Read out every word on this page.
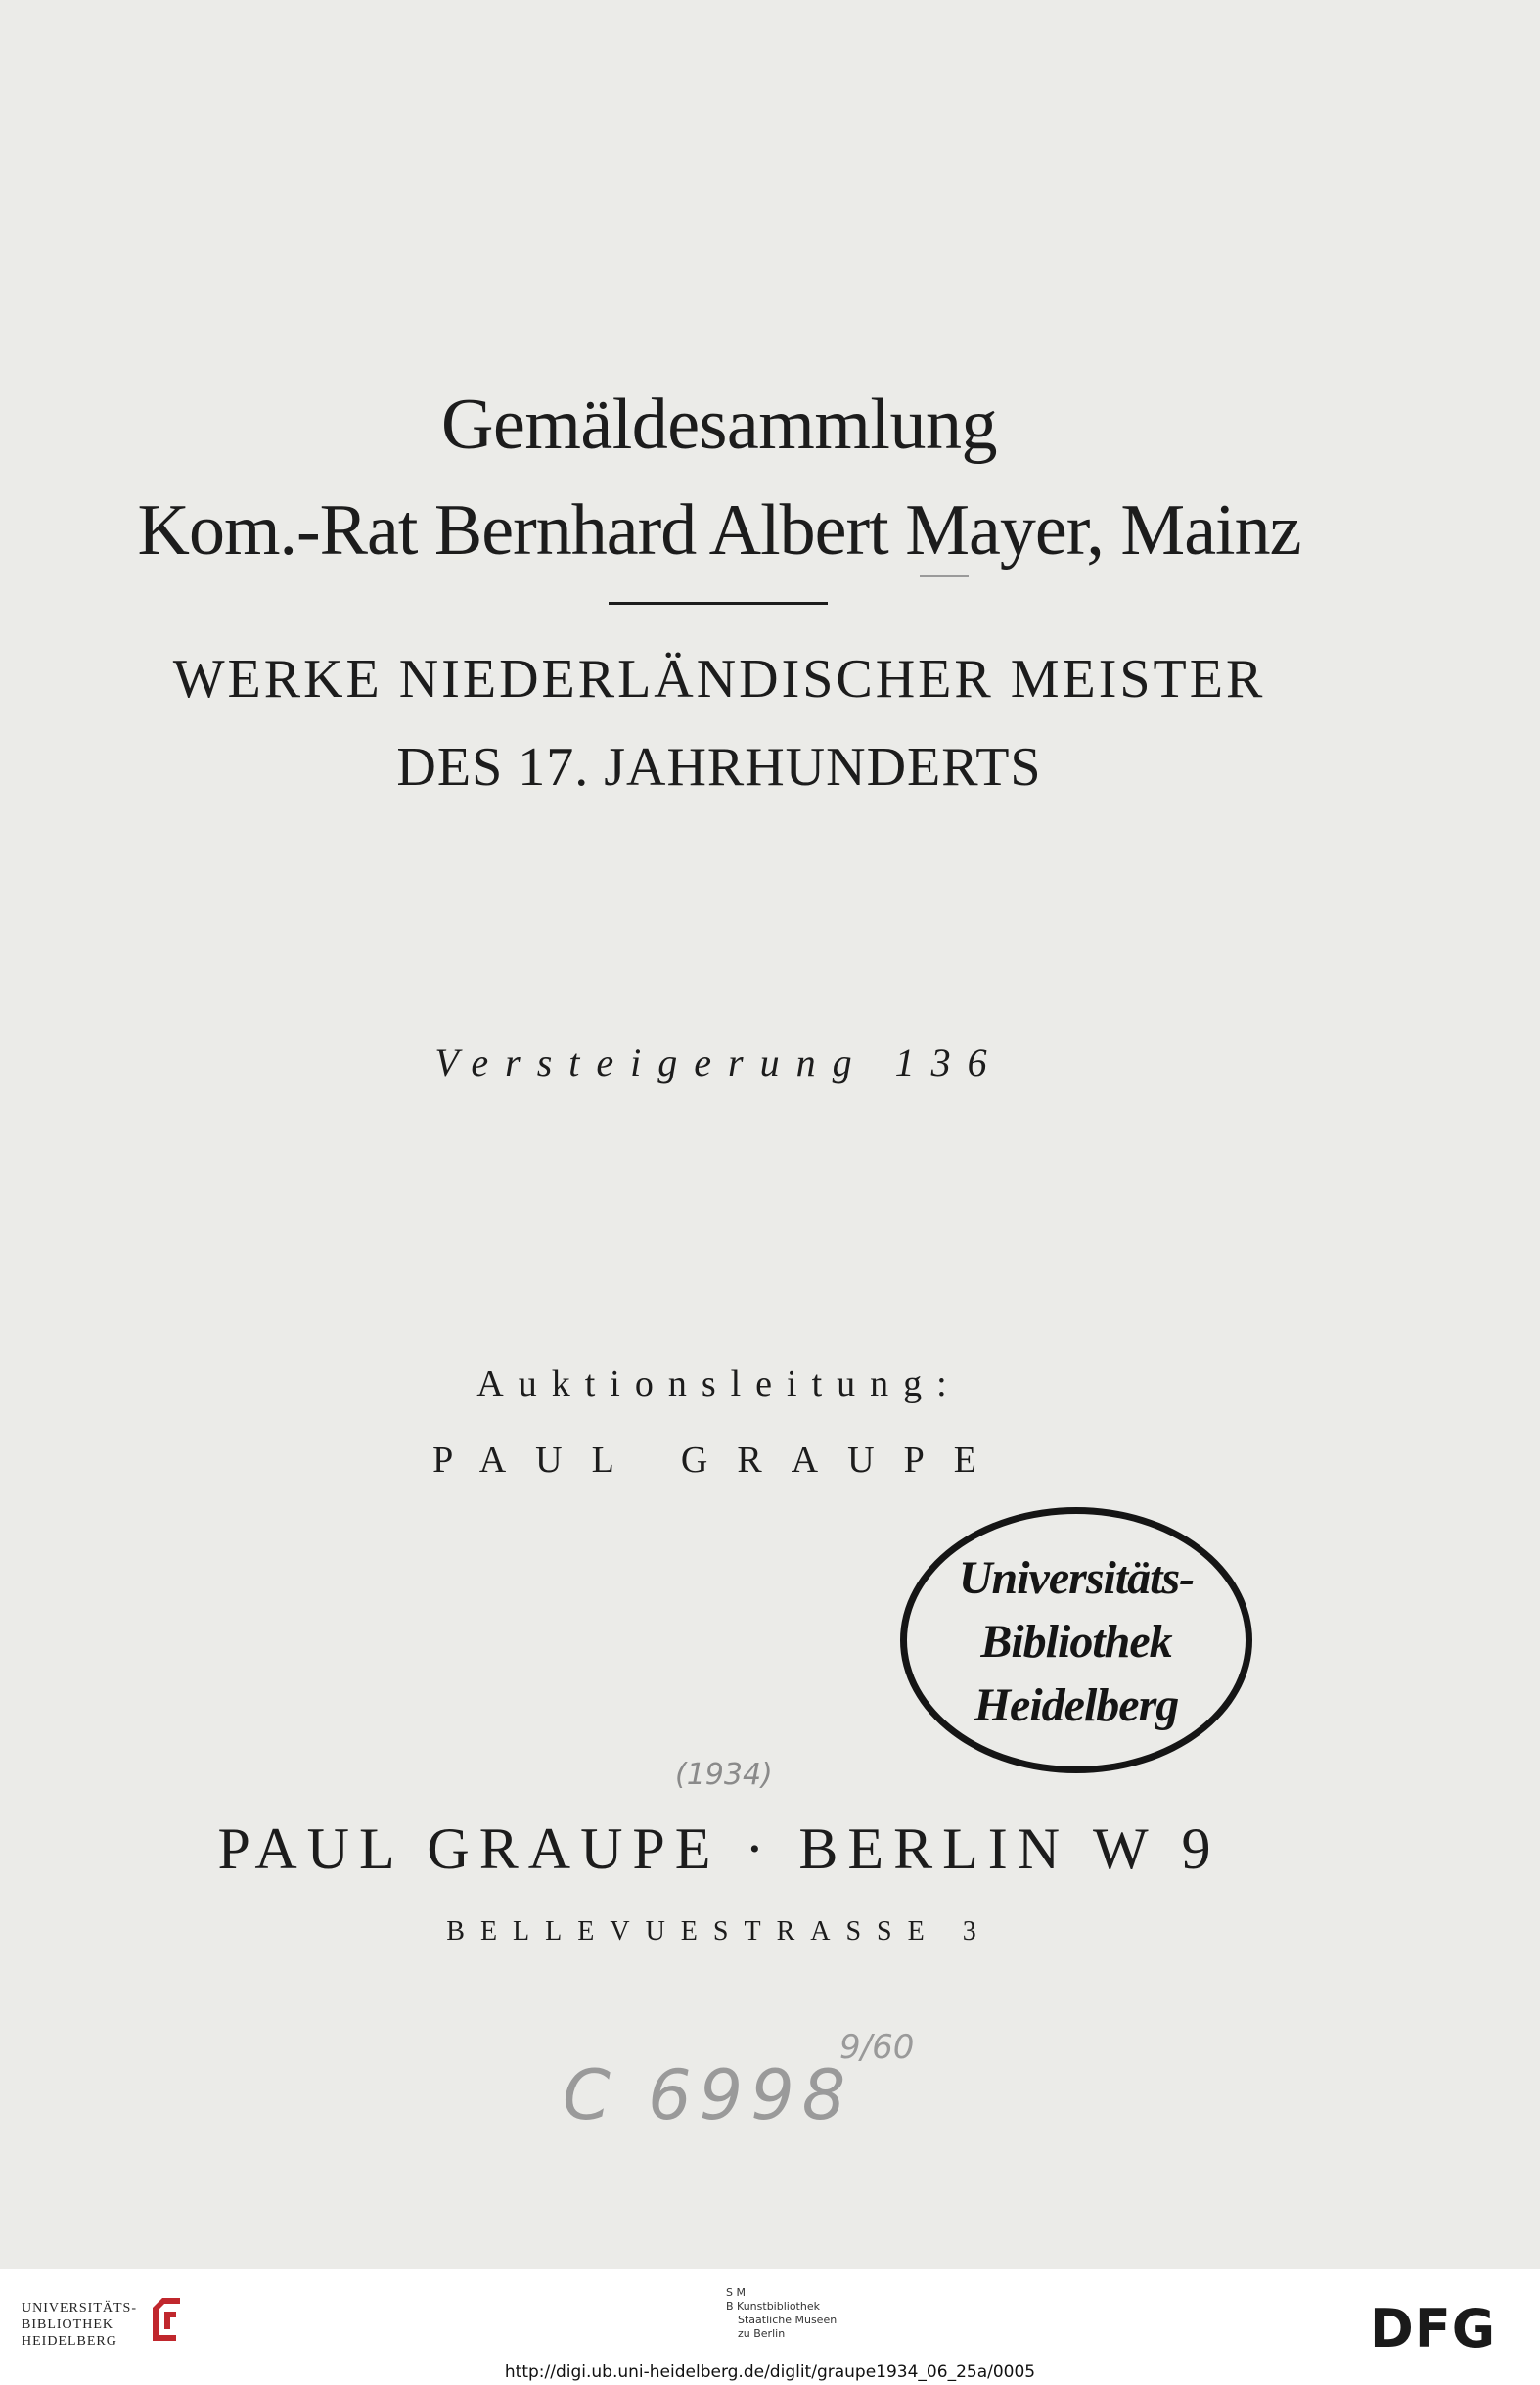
Gemäldesammlung
Kom.-Rat Bernhard Albert Mayer, Mainz
WERKE NIEDERLÄNDISCHER MEISTER
DES 17. JAHRHUNDERTS
Versteigerung 136
Auktionsleitung:
PAUL GRAUPE
Universitäts-
Bibliothek
Heidelberg
(1934)
PAUL GRAUPE · BERLIN W 9
BELLEVUESTRASSE 3
C 6998
9/60
UNIVERSITÄTS-
BIBLIOTHEK
HEIDELBERG
S M
B Kunstbibliothek
Staatliche Museen
zu Berlin	DFG
http://digi.ub.uni-heidelberg.de/diglit/graupe1934_06_25a/0005
